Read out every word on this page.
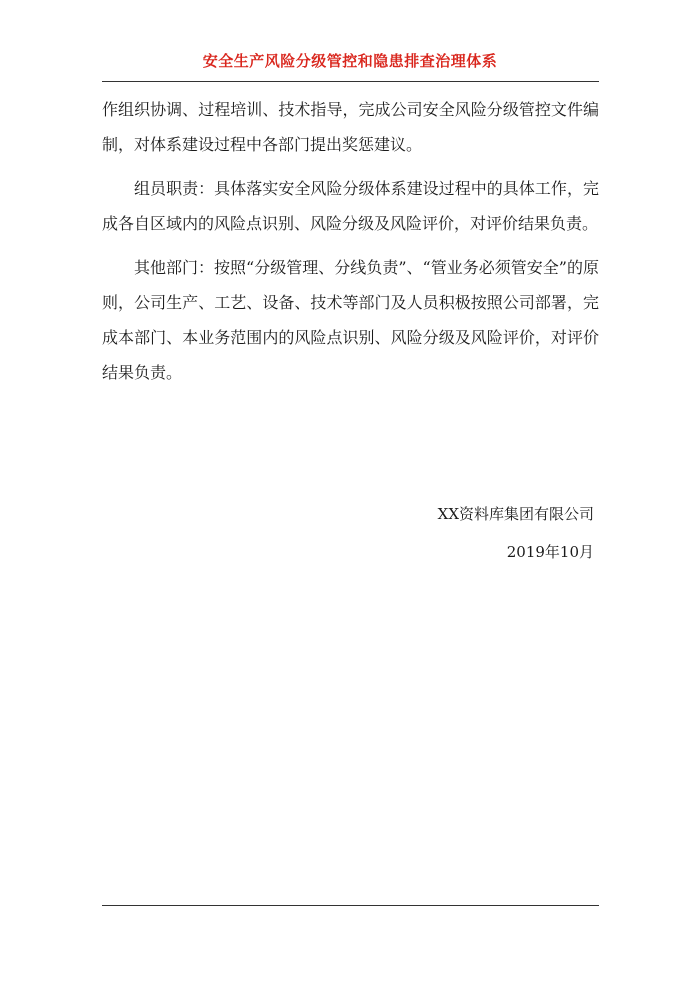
安全生产风险分级管控和隐患排查治理体系

作组织协调、过程培训、技术指导，完成公司安全风险分级管控文件编制，对体系建设过程中各部门提出奖惩建议。

组员职责：具体落实安全风险分级体系建设过程中的具体工作，完成各自区域内的风险点识别、风险分级及风险评价，对评价结果负责。

其他部门：按照“分级管理、分线负责”、“管业务必须管安全”的原则，公司生产、工艺、设备、技术等部门及人员积极按照公司部署，完成本部门、本业务范围内的风险点识别、风险分级及风险评价，对评价结果负责。

XX资料库集团有限公司
2019年10月
